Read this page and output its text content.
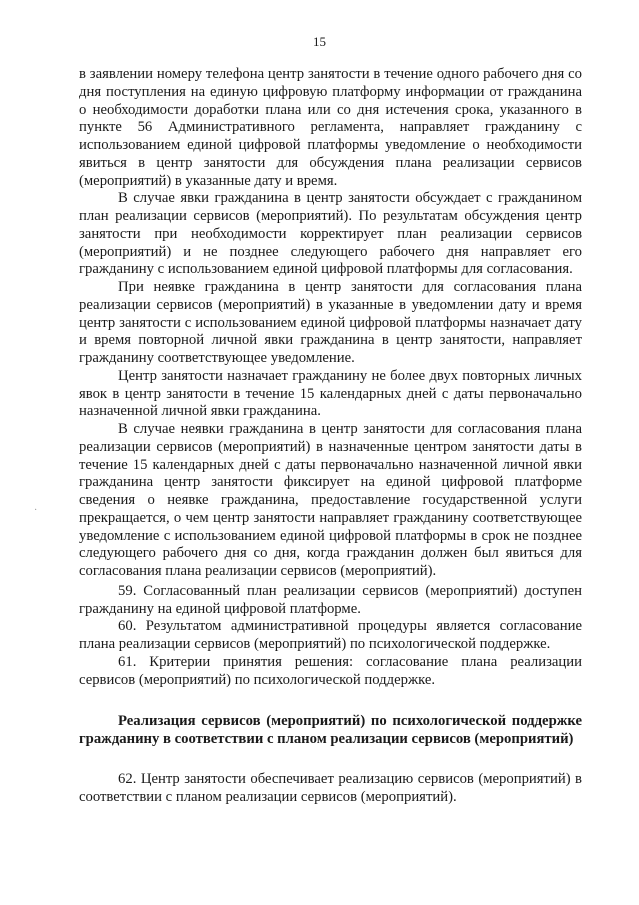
15
·

в заявлении номеру телефона центр занятости в течение одного рабочего дня со дня поступления на единую цифровую платформу информации от гражданина о необходимости доработки плана или со дня истечения срока, указанного в пункте 56 Административного регламента, направляет гражданину с использованием единой цифровой платформы уведомление о необходимости явиться в центр занятости для обсуждения плана реализации сервисов (мероприятий) в указанные дату и время.

В случае явки гражданина в центр занятости обсуждает с гражданином план реализации сервисов (мероприятий). По результатам обсуждения центр занятости при необходимости корректирует план реализации сервисов (мероприятий) и не позднее следующего рабочего дня направляет его гражданину с использованием единой цифровой платформы для согласования.

При неявке гражданина в центр занятости для согласования плана реализации сервисов (мероприятий) в указанные в уведомлении дату и время центр занятости с использованием единой цифровой платформы назначает дату и время повторной личной явки гражданина в центр занятости, направляет гражданину соответствующее уведомление.

Центр занятости назначает гражданину не более двух повторных личных явок в центр занятости в течение 15 календарных дней с даты первоначально назначенной личной явки гражданина.

В случае неявки гражданина в центр занятости для согласования плана реализации сервисов (мероприятий) в назначенные центром занятости даты в течение 15 календарных дней с даты первоначально назначенной личной явки гражданина центр занятости фиксирует на единой цифровой платформе сведения о неявке гражданина, предоставление государственной услуги прекращается, о чем центр занятости направляет гражданину соответствующее уведомление с использованием единой цифровой платформы в срок не позднее следующего рабочего дня со дня, когда гражданин должен был явиться для согласования плана реализации сервисов (мероприятий).

59. Согласованный план реализации сервисов (мероприятий) доступен гражданину на единой цифровой платформе.

60. Результатом административной процедуры является согласование плана реализации сервисов (мероприятий) по психологической поддержке.

61. Критерии принятия решения: согласование плана реализации сервисов (мероприятий) по психологической поддержке.

Реализация сервисов (мероприятий) по психологической поддержке гражданину в соответствии с планом реализации сервисов (мероприятий)

62. Центр занятости обеспечивает реализацию сервисов (мероприятий) в соответствии с планом реализации сервисов (мероприятий).
